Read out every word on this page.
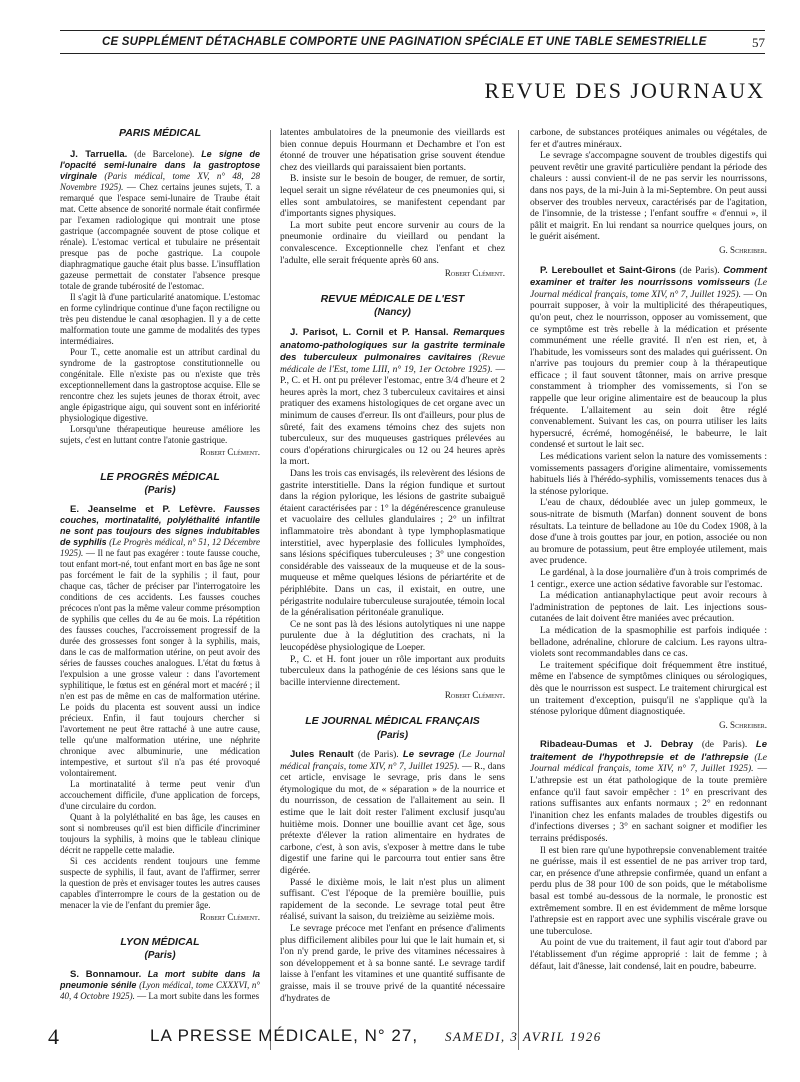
CE SUPPLÉMENT DÉTACHABLE COMPORTE UNE PAGINATION SPÉCIALE ET UNE TABLE SEMESTRIELLE	57
REVUE DES JOURNAUX
PARIS MÉDICAL
J. Tarruella. (de Barcelone). Le signe de l'opacité semi-lunaire dans la gastroptose virginale (Paris médical, tome XV, n° 48, 28 Novembre 1925). — Chez certains jeunes sujets, T. a remarqué que l'espace semi-lunaire de Traube était mat. Cette absence de sonorité normale était confirmée par l'examen radiologique qui montrait une ptose gastrique (accompagnée souvent de ptose colique et rénale). L'estomac vertical et tubulaire ne présentait presque pas de poche gastrique. La coupole diaphragmatique gauche était plus basse. L'insufflation gazeuse permettait de constater l'absence presque totale de grande tubérosité de l'estomac.

Il s'agit là d'une particularité anatomique. L'estomac en forme cylindrique continue d'une façon rectiligne ou très peu distendue le canal œsophagien. Il y a de cette malformation toute une gamme de modalités des types intermédiaires.

Pour T., cette anomalie est un attribut cardinal du syndrome de la gastroptose constitutionnelle ou congénitale. Elle n'existe pas ou n'existe que très exceptionnellement dans la gastroptose acquise. Elle se rencontre chez les sujets jeunes de thorax étroit, avec angle épigastrique aigu, qui souvent sont en infériorité physiologique digestive.

Lorsqu'une thérapeutique heureuse améliore les sujets, c'est en luttant contre l'atonie gastrique.

Robert Clément.
LE PROGRÈS MÉDICAL
(Paris)
E. Jeanselme et P. Lefèvre. Fausses couches, mortinatalité, polyléthalité infantile ne sont pas toujours des signes indubitables de syphilis (Le Progrès médical, n° 51, 12 Décembre 1925). — Il ne faut pas exagérer : toute fausse couche, tout enfant mort-né, tout enfant mort en bas âge ne sont pas forcément le fait de la syphilis ; il faut, pour chaque cas, tâcher de préciser par l'interrogatoire les conditions de ces accidents. Les fausses couches précoces n'ont pas la même valeur comme présomption de syphilis que celles du 4e au 6e mois. La répétition des fausses couches, l'accroissement progressif de la durée des grossesses font songer à la syphilis, mais, dans le cas de malformation utérine, on peut avoir des séries de fausses couches analogues. L'état du fœtus à l'expulsion a une grosse valeur : dans l'avortement syphilitique, le fœtus est en général mort et macéré ; il n'en est pas de même en cas de malformation utérine. Le poids du placenta est souvent aussi un indice précieux. Enfin, il faut toujours chercher si l'avortement ne peut être rattaché à une autre cause, telle qu'une malformation utérine, une néphrite chronique avec albuminurie, une médication intempestive, et surtout s'il n'a pas été provoqué volontairement.

La mortinatalité à terme peut venir d'un accouchement difficile, d'une application de forceps, d'une circulaire du cordon.

Quant à la polyléthalité en bas âge, les causes en sont si nombreuses qu'il est bien difficile d'incriminer toujours la syphilis, à moins que le tableau clinique décrit ne rappelle cette maladie.

Si ces accidents rendent toujours une femme suspecte de syphilis, il faut, avant de l'affirmer, serrer la question de près et envisager toutes les autres causes capables d'interrompre le cours de la gestation ou de menacer la vie de l'enfant du premier âge.

Robert Clément.
LYON MÉDICAL
(Paris)
S. Bonnamour. La mort subite dans la pneumonie sénile (Lyon médical, tome CXXXVI, n° 40, 4 Octobre 1925). — La mort subite dans les formes

latentes ambulatoires de la pneumonie des vieillards est bien connue depuis Hourmann et Dechambre et l'on est étonné de trouver une hépatisation grise souvent étendue chez des vieillards qui paraissaient bien portants.

B. insiste sur le besoin de bouger, de remuer, de sortir, lequel serait un signe révélateur de ces pneumonies qui, si elles sont ambulatoires, se manifestent cependant par d'importants signes physiques.

La mort subite peut encore survenir au cours de la pneumonie ordinaire du vieillard ou pendant la convalescence. Exceptionnelle chez l'enfant et chez l'adulte, elle serait fréquente après 60 ans.

Robert Clément.
REVUE MÉDICALE DE L'EST
(Nancy)
J. Parisot, L. Cornil et P. Hansal. Remarques anatomo-pathologiques sur la gastrite terminale des tuberculeux pulmonaires cavitaires (Revue médicale de l'Est, tome LIII, n° 19, 1er Octobre 1925). — P., C. et H. ont pu prélever l'estomac, entre 3/4 d'heure et 2 heures après la mort, chez 3 tuberculeux cavitaires et ainsi pratiquer des examens histologiques de cet organe avec un minimum de causes d'erreur. Ils ont d'ailleurs, pour plus de sûreté, fait des examens témoins chez des sujets non tuberculeux, sur des muqueuses gastriques prélevées au cours d'opérations chirurgicales ou 12 ou 24 heures après la mort.

Dans les trois cas envisagés, ils relevèrent des lésions de gastrite interstitielle. Dans la région fundique et surtout dans la région pylorique, les lésions de gastrite subaiguë étaient caractérisées par : 1° la dégénérescence granuleuse et vacuolaire des cellules glandulaires ; 2° un infiltrat inflammatoire très abondant à type lymphoplasmatique interstitiel, avec hyperplasie des follicules lymphoïdes, sans lésions spécifiques tuberculeuses ; 3° une congestion considérable des vaisseaux de la muqueuse et de la sous-muqueuse et même quelques lésions de périartérite et de périphlébite. Dans un cas, il existait, en outre, une périgastrite nodulaire tuberculeuse surajoutée, témoin local de la généralisation péritonéale granulique.

Ce ne sont pas là des lésions autolytiques ni une nappe purulente due à la déglutition des crachats, ni la leucopédèse physiologique de Loeper.

P., C. et H. font jouer un rôle important aux produits tuberculeux dans la pathogénie de ces lésions sans que le bacille intervienne directement.

Robert Clément.
LE JOURNAL MÉDICAL FRANÇAIS
(Paris)
Jules Renault (de Paris). Le sevrage (Le Journal médical français, tome XIV, n° 7, Juillet 1925). — R., dans cet article, envisage le sevrage, pris dans le sens étymologique du mot, de « séparation » de la nourrice et du nourrisson, de cessation de l'allaitement au sein. Il estime que le lait doit rester l'aliment exclusif jusqu'au huitième mois. Donner une bouillie avant cet âge, sous prétexte d'élever la ration alimentaire en hydrates de carbone, c'est, à son avis, s'exposer à mettre dans le tube digestif une farine qui le parcourra tout entier sans être digérée.

Passé le dixième mois, le lait n'est plus un aliment suffisant. C'est l'époque de la première bouillie, puis rapidement de la seconde. Le sevrage total peut être réalisé, suivant la saison, du treizième au seizième mois.

Le sevrage précoce met l'enfant en présence d'aliments plus difficilement alibiles pour lui que le lait humain et, si l'on n'y prend garde, le prive des vitamines nécessaires à son développement et à sa bonne santé. Le sevrage tardif laisse à l'enfant les vitamines et une quantité suffisante de graisse, mais il se trouve privé de la quantité nécessaire d'hydrates de

carbone, de substances protéiques animales ou végétales, de fer et d'autres minéraux.

Le sevrage s'accompagne souvent de troubles digestifs qui peuvent revêtir une gravité particulière pendant la période des chaleurs : aussi convient-il de ne pas servir les nourrissons, dans nos pays, de la mi-Juin à la mi-Septembre. On peut aussi observer des troubles nerveux, caractérisés par de l'agitation, de l'insomnie, de la tristesse ; l'enfant souffre « d'ennui », il pâlit et maigrit. En lui rendant sa nourrice quelques jours, on le guérit aisément.

G. Schreiber.
P. Lereboullet et Saint-Girons (de Paris). Comment examiner et traiter les nourrissons vomisseurs (Le Journal médical français, tome XIV, n° 7, Juillet 1925). — On pourrait supposer, à voir la multiplicité des thérapeutiques, qu'on peut, chez le nourrisson, opposer au vomissement, que ce symptôme est très rebelle à la médication et présente communément une réelle gravité. Il n'en est rien, et, à l'habitude, les vomisseurs sont des malades qui guérissent. On n'arrive pas toujours du premier coup à la thérapeutique efficace ; il faut souvent tâtonner, mais on arrive presque constamment à triompher des vomissements, si l'on se rappelle que leur origine alimentaire est de beaucoup la plus fréquente. L'allaitement au sein doit être réglé convenablement. Suivant les cas, on pourra utiliser les laits hypersucré, écrémé, homogénéisé, le babeurre, le lait condensé et surtout le lait sec.

Les médications varient selon la nature des vomissements : vomissements passagers d'origine alimentaire, vomissements habituels liés à l'hérédo-syphilis, vomissements tenaces dus à la sténose pylorique.

L'eau de chaux, dédoublée avec un julep gommeux, le sous-nitrate de bismuth (Marfan) donnent souvent de bons résultats. La teinture de belladone au 10e du Codex 1908, à la dose d'une à trois gouttes par jour, en potion, associée ou non au bromure de potassium, peut être employée utilement, mais avec prudence.

Le gardénal, à la dose journalière d'un à trois comprimés de 1 centigr., exerce une action sédative favorable sur l'estomac.

La médication antianaphylactique peut avoir recours à l'administration de peptones de lait. Les injections sous-cutanées de lait doivent être maniées avec précaution.

La médication de la spasmophilie est parfois indiquée : belladone, adrénaline, chlorure de calcium. Les rayons ultra-violets sont recommandables dans ce cas.

Le traitement spécifique doit fréquemment être institué, même en l'absence de symptômes cliniques ou sérologiques, dès que le nourrisson est suspect. Le traitement chirurgical est un traitement d'exception, puisqu'il ne s'applique qu'à la sténose pylorique dûment diagnostiquée.

G. Schreiber.
Ribadeau-Dumas et J. Debray (de Paris). Le traitement de l'hypothrepsie et de l'athrepsie (Le Journal médical français, tome XIV, n° 7, Juillet 1925). — L'athrepsie est un état pathologique de la toute première enfance qu'il faut savoir empêcher : 1° en prescrivant des rations suffisantes aux enfants normaux ; 2° en redonnant l'inanition chez les enfants malades de troubles digestifs ou d'infections diverses ; 3° en sachant soigner et modifier les terrains prédisposés.

Il est bien rare qu'une hypothrepsie convenablement traitée ne guérisse, mais il est essentiel de ne pas arriver trop tard, car, en présence d'une athrepsie confirmée, quand un enfant a perdu plus de 38 pour 100 de son poids, que le métabolisme basal est tombé au-dessous de la normale, le pronostic est extrêmement sombre. Il en est évidemment de même lorsque l'athrepsie est en rapport avec une syphilis viscérale grave ou une tuberculose.

Au point de vue du traitement, il faut agir tout d'abord par l'établissement d'un régime approprié : lait de femme ; à défaut, lait d'ânesse, lait condensé, lait en poudre, babeurre.

4	LA PRESSE MÉDICALE, N° 27, SAMEDI, 3 AVRIL 1926
